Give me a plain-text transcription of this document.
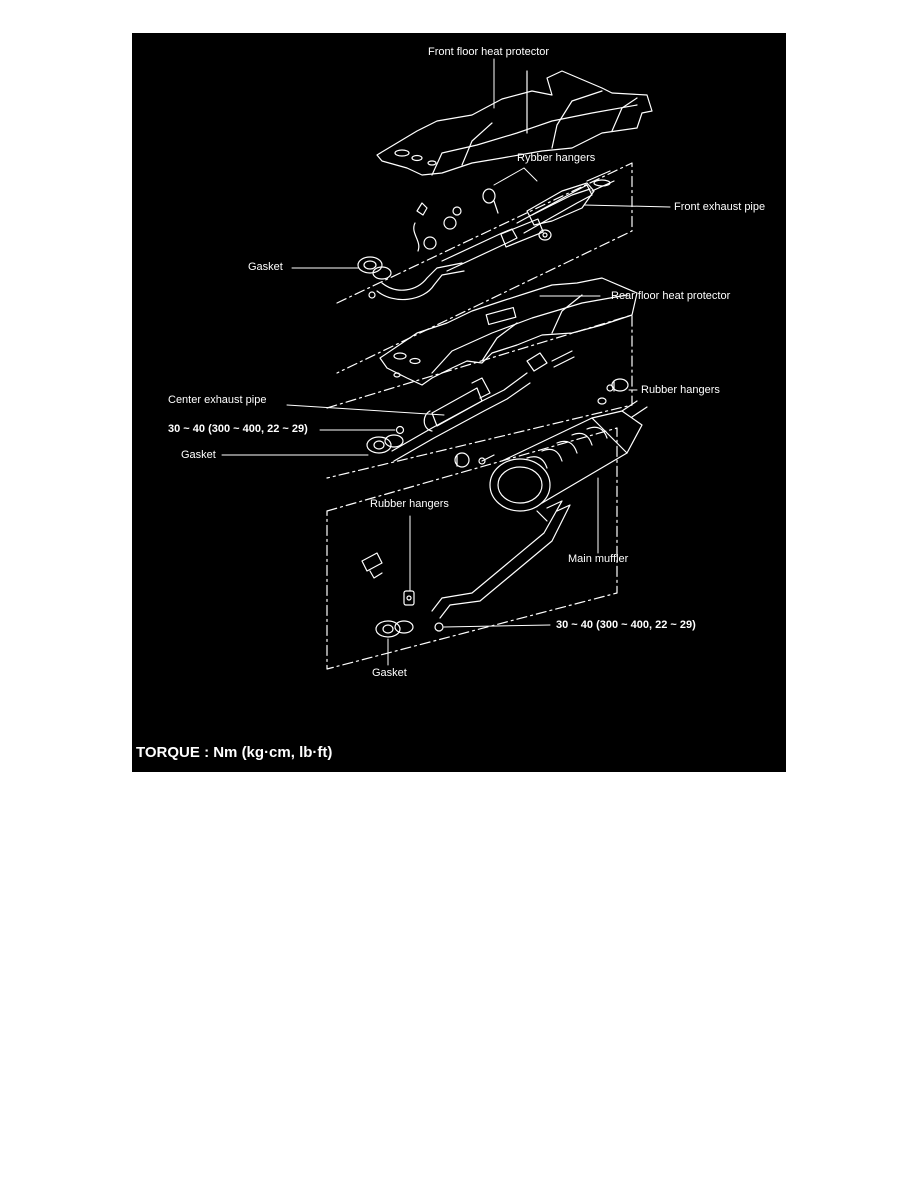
Front floor heat protector
Rybber hangers
Front exhaust pipe
Gasket
Rear floor heat protector
Center exhaust pipe
Rubber hangers
30 ~ 40 (300 ~ 400, 22 ~ 29)
Gasket
Rubber hangers
Main muffler
30 ~ 40 (300 ~ 400, 22 ~ 29)
Gasket
TORQUE : Nm (kg·cm, lb·ft)
